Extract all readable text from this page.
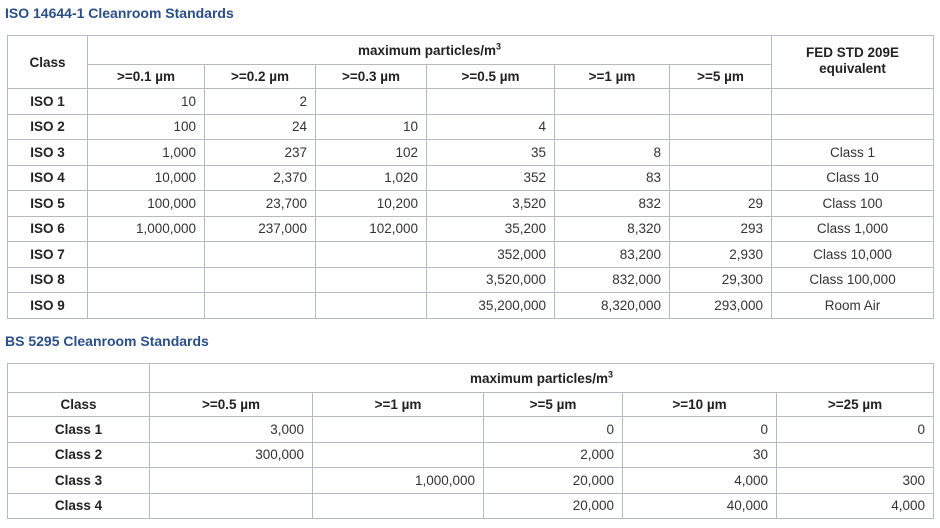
ISO 14644-1 Cleanroom Standards
Class	maximum particles/$m^3$						FED STD 209E equivalent
	>=0.1 µm	>=0.2 µm	>=0.3 µm	>=0.5 µm	>=1 µm	>=5 µm	
ISO 1	10	2					
ISO 2	100	24	10	4			
ISO 3	1,000	237	102	35	8		Class 1
ISO 4	10,000	2,370	1,020	352	83		Class 10
ISO 5	100,000	23,700	10,200	3,520	832	29	Class 100
ISO 6	1,000,000	237,000	102,000	35,200	8,320	293	Class 1,000
ISO 7				352,000	83,200	2,930	Class 10,000
ISO 8				3,520,000	832,000	29,300	Class 100,000
ISO 9				35,200,000	8,320,000	293,000	Room Air
BS 5295 Cleanroom Standards
	maximum particles/$m^3$
Class	>=0.5 µm	>=1 µm	>=5 µm	>=10 µm	>=25 µm
Class 1	3,000		0	0	0
Class 2	300,000		2,000	30	
Class 3		1,000,000	20,000	4,000	300
Class 4			20,000	40,000	4,000
